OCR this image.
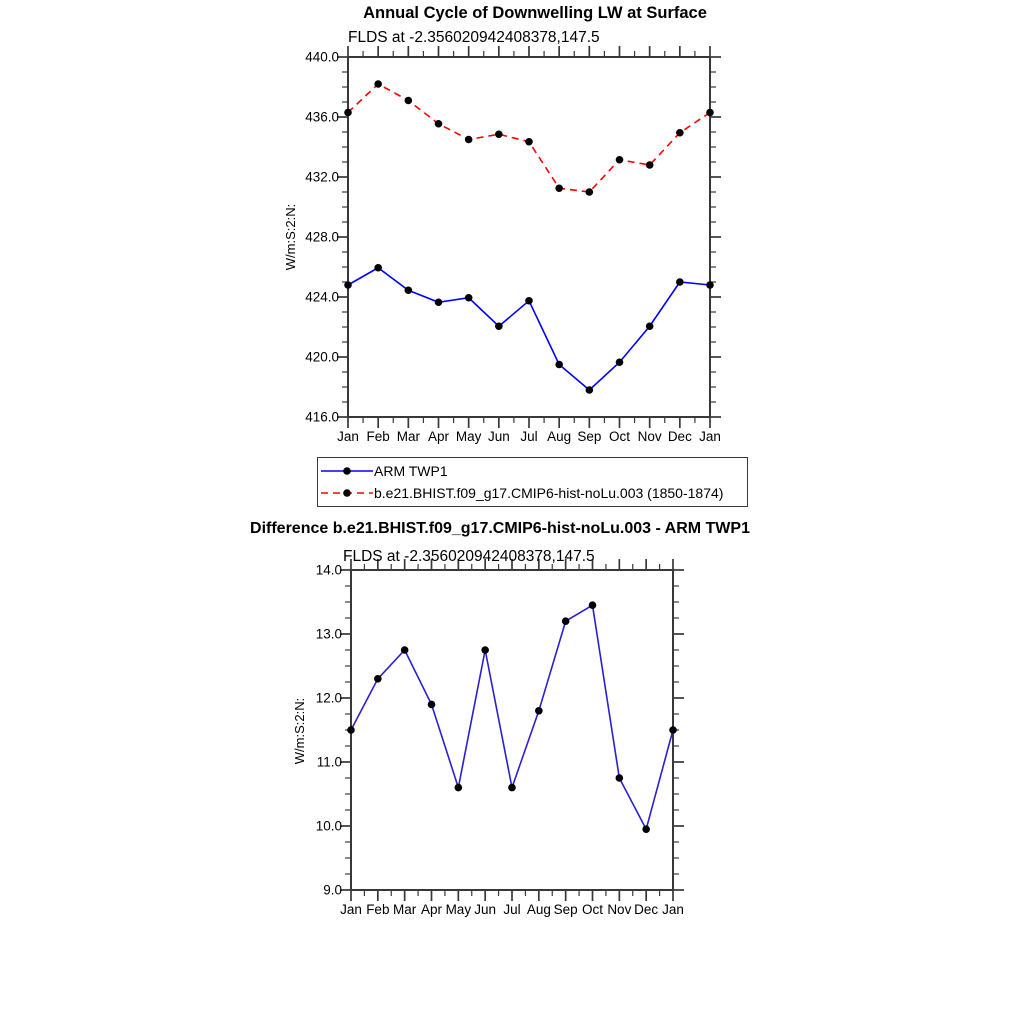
416.0
420.0
424.0
428.0
432.0
436.0
440.0
Jan Feb Mar Apr May Jun Jul Aug Sep Oct Nov Dec Jan
9.0
10.0
11.0
12.0
13.0
14.0
Jan Feb Mar Apr May Jun Jul Aug Sep Oct Nov Dec Jan
Annual Cycle of Downwelling LW at Surface
FLDS at -2.356020942408378,147.5
W/m:S:2:N:
ARM TWP1
b.e21.BHIST.f09_g17.CMIP6-hist-noLu.003 (1850-1874)
Difference b.e21.BHIST.f09_g17.CMIP6-hist-noLu.003 - ARM TWP1
FLDS at -2.356020942408378,147.5
W/m:S:2:N:
